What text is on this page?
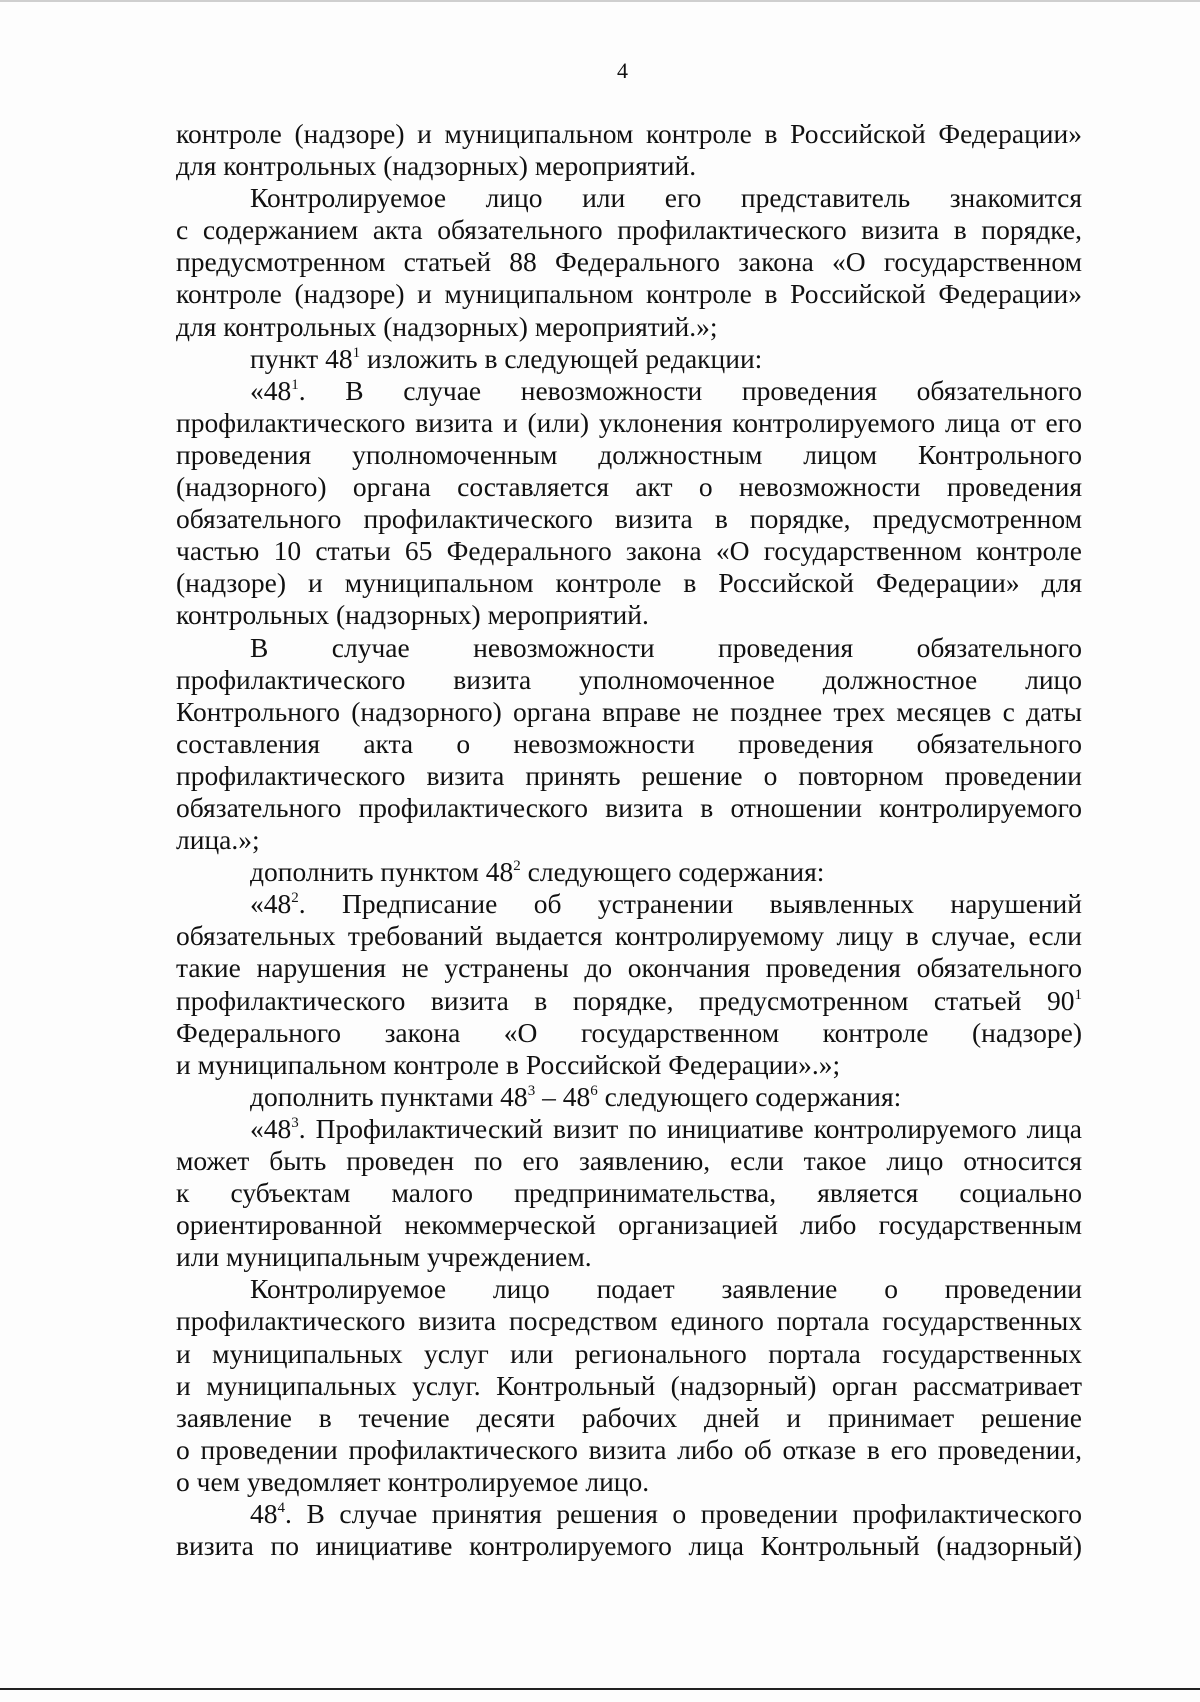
4
контроле (надзоре) и муниципальном контроле в Российской Федерации»
для контрольных (надзорных) мероприятий.
Контролируемое лицо или его представитель знакомится
с содержанием акта обязательного профилактического визита в порядке,
предусмотренном статьей 88 Федерального закона «О государственном
контроле (надзоре) и муниципальном контроле в Российской Федерации»
для контрольных (надзорных) мероприятий.»;
пункт $48^1$ изложить в следующей редакции:
«$48^1$. В случае невозможности проведения обязательного
профилактического визита и (или) уклонения контролируемого лица от его
проведения уполномоченным должностным лицом Контрольного
(надзорного) органа составляется акт о невозможности проведения
обязательного профилактического визита в порядке, предусмотренном
частью 10 статьи 65 Федерального закона «О государственном контроле
(надзоре) и муниципальном контроле в Российской Федерации» для
контрольных (надзорных) мероприятий.
В случае невозможности проведения обязательного
профилактического визита уполномоченное должностное лицо
Контрольного (надзорного) органа вправе не позднее трех месяцев с даты
составления акта о невозможности проведения обязательного
профилактического визита принять решение о повторном проведении
обязательного профилактического визита в отношении контролируемого
лица.»;
дополнить пунктом $48^2$ следующего содержания:
«$48^2$. Предписание об устранении выявленных нарушений
обязательных требований выдается контролируемому лицу в случае, если
такие нарушения не устранены до окончания проведения обязательного
профилактического визита в порядке, предусмотренном статьей $90^1$
Федерального закона «О государственном контроле (надзоре)
и муниципальном контроле в Российской Федерации».»;
дополнить пунктами $48^3 - 48^6$ следующего содержания:
«$48^3$. Профилактический визит по инициативе контролируемого лица
может быть проведен по его заявлению, если такое лицо относится
к субъектам малого предпринимательства, является социально
ориентированной некоммерческой организацией либо государственным
или муниципальным учреждением.
Контролируемое лицо подает заявление о проведении
профилактического визита посредством единого портала государственных
и муниципальных услуг или регионального портала государственных
и муниципальных услуг. Контрольный (надзорный) орган рассматривает
заявление в течение десяти рабочих дней и принимает решение
о проведении профилактического визита либо об отказе в его проведении,
о чем уведомляет контролируемое лицо.
$48^4$. В случае принятия решения о проведении профилактического
визита по инициативе контролируемого лица Контрольный (надзорный)
